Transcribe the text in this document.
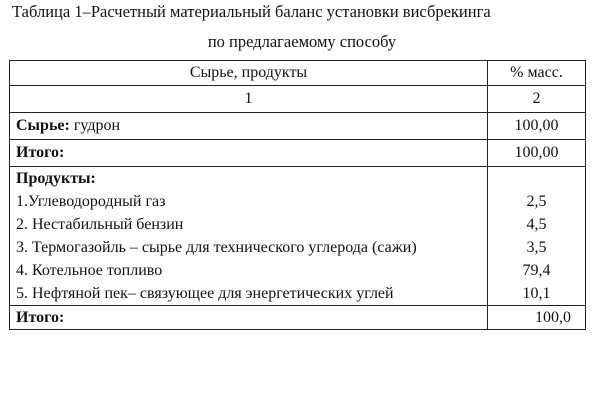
Таблица 1–Расчетный материальный баланс установки висбрекинга
по предлагаемому способу
Сырье, продукты	% масс.
1	2
Сырье: гудрон	100,00
Итого:	100,00
Продукты:	
1.Углеводородный газ	2,5
2. Нестабильный бензин	4,5
3. Термогазойль – сырье для технического углерода (сажи)	3,5
4. Котельное топливо	79,4
5. Нефтяной пек– связующее для энергетических углей	10,1
Итого:	100,0
